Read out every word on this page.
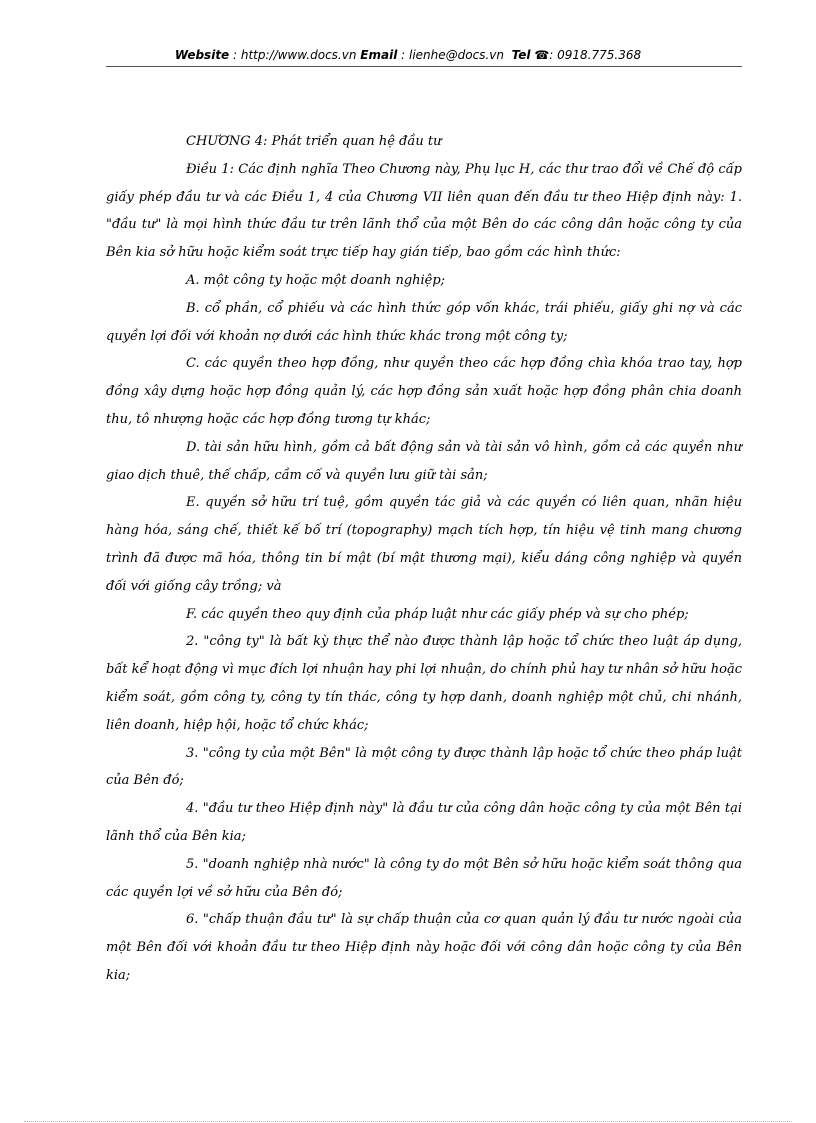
Website : http://www.docs.vn Email : lienhe@docs.vn Tel ☎: 0918.775.368

CHƯƠNG 4: Phát triển quan hệ đầu tư

Điều 1: Các định nghĩa Theo Chương này, Phụ lục H, các thư trao đổi về Chế độ cấp giấy phép đầu tư và các Điều 1, 4 của Chương VII liên quan đến đầu tư theo Hiệp định này: 1. "đầu tư" là mọi hình thức đầu tư trên lãnh thổ của một Bên do các công dân hoặc công ty của Bên kia sở hữu hoặc kiểm soát trực tiếp hay gián tiếp, bao gồm các hình thức:

A. một công ty hoặc một doanh nghiệp;

B. cổ phần, cổ phiếu và các hình thức góp vốn khác, trái phiếu, giấy ghi nợ và các quyền lợi đối với khoản nợ dưới các hình thức khác trong một công ty;

C. các quyền theo hợp đồng, như quyền theo các hợp đồng chìa khóa trao tay, hợp đồng xây dựng hoặc hợp đồng quản lý, các hợp đồng sản xuất hoặc hợp đồng phân chia doanh thu, tô nhượng hoặc các hợp đồng tương tự khác;

D. tài sản hữu hình, gồm cả bất động sản và tài sản vô hình, gồm cả các quyền như giao dịch thuê, thế chấp, cầm cố và quyền lưu giữ tài sản;

E. quyền sở hữu trí tuệ, gồm quyền tác giả và các quyền có liên quan, nhãn hiệu hàng hóa, sáng chế, thiết kế bố trí (topography) mạch tích hợp, tín hiệu vệ tinh mang chương trình đã được mã hóa, thông tin bí mật (bí mật thương mại), kiểu dáng công nghiệp và quyền đối với giống cây trồng; và

F. các quyền theo quy định của pháp luật như các giấy phép và sự cho phép;

2. "công ty" là bất kỳ thực thể nào được thành lập hoặc tổ chức theo luật áp dụng, bất kể hoạt động vì mục đích lợi nhuận hay phi lợi nhuận, do chính phủ hay tư nhân sở hữu hoặc kiểm soát, gồm công ty, công ty tín thác, công ty hợp danh, doanh nghiệp một chủ, chi nhánh, liên doanh, hiệp hội, hoặc tổ chức khác;

3. "công ty của một Bên" là một công ty được thành lập hoặc tổ chức theo pháp luật của Bên đó;

4. "đầu tư theo Hiệp định này" là đầu tư của công dân hoặc công ty của một Bên tại lãnh thổ của Bên kia;

5. "doanh nghiệp nhà nước" là công ty do một Bên sở hữu hoặc kiểm soát thông qua các quyền lợi về sở hữu của Bên đó;

6. "chấp thuận đầu tư" là sự chấp thuận của cơ quan quản lý đầu tư nước ngoài của một Bên đối với khoản đầu tư theo Hiệp định này hoặc đối với công dân hoặc công ty của Bên kia;
